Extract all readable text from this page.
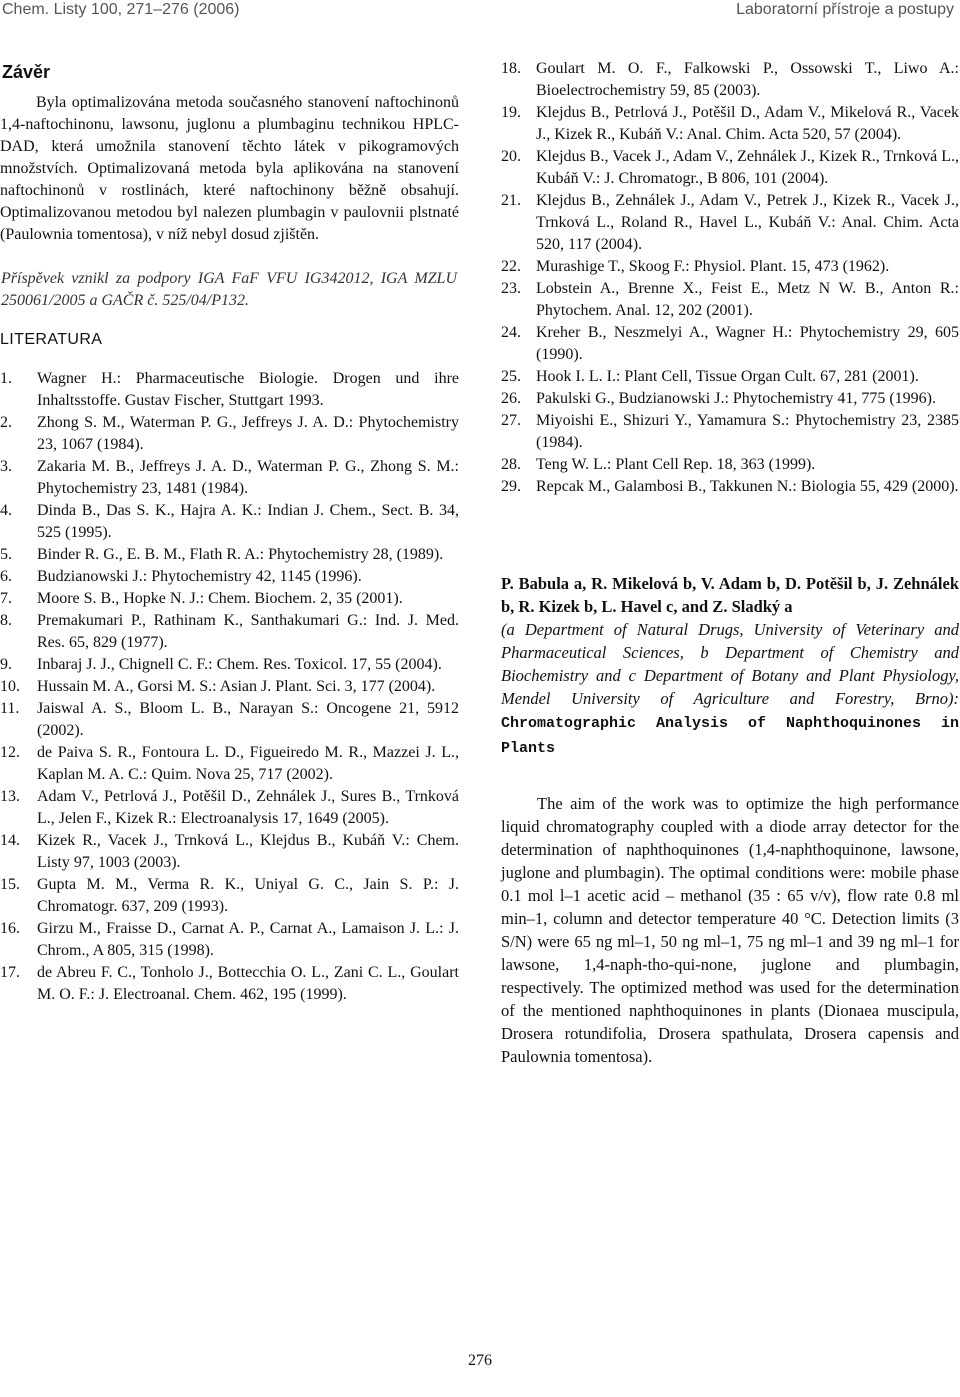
Chem. Listy 100, 271–276 (2006)	Laboratorní přístroje a postupy
Závěr

Byla optimalizována metoda současného stanovení naftochinonů 1,4-naftochinonu, lawsonu, juglonu a plumbaginu technikou HPLC-DAD, která umožnila stanovení těchto látek v pikogramových množstvích. Optimalizovaná metoda byla aplikována na stanovení naftochinonů v rostlinách, které naftochinony běžně obsahují. Optimalizovanou metodou byl nalezen plumbagin v paulovnii plstnaté (Paulownia tomentosa), v níž nebyl dosud zjištěn.

Příspěvek vznikl za podpory IGA FaF VFU IG342012, IGA MZLU 250061/2005 a GAČR č. 525/04/P132.

LITERATURA
1. Wagner H.: Pharmaceutische Biologie. Drogen und ihre Inhaltsstoffe. Gustav Fischer, Stuttgart 1993.
2. Zhong S. M., Waterman P. G., Jeffreys J. A. D.: Phytochemistry 23, 1067 (1984).
3. Zakaria M. B., Jeffreys J. A. D., Waterman P. G., Zhong S. M.: Phytochemistry 23, 1481 (1984).
4. Dinda B., Das S. K., Hajra A. K.: Indian J. Chem., Sect. B. 34, 525 (1995).
5. Binder R. G., E. B. M., Flath R. A.: Phytochemistry 28, (1989).
6. Budzianowski J.: Phytochemistry 42, 1145 (1996).
7. Moore S. B., Hopke N. J.: Chem. Biochem. 2, 35 (2001).
8. Premakumari P., Rathinam K., Santhakumari G.: Ind. J. Med. Res. 65, 829 (1977).
9. Inbaraj J. J., Chignell C. F.: Chem. Res. Toxicol. 17, 55 (2004).
10. Hussain M. A., Gorsi M. S.: Asian J. Plant. Sci. 3, 177 (2004).
11. Jaiswal A. S., Bloom L. B., Narayan S.: Oncogene 21, 5912 (2002).
12. de Paiva S. R., Fontoura L. D., Figueiredo M. R., Mazzei J. L., Kaplan M. A. C.: Quim. Nova 25, 717 (2002).
13. Adam V., Petrlová J., Potěšil D., Zehnálek J., Sures B., Trnková L., Jelen F., Kizek R.: Electroanalysis 17, 1649 (2005).
14. Kizek R., Vacek J., Trnková L., Klejdus B., Kubáň V.: Chem. Listy 97, 1003 (2003).
15. Gupta M. M., Verma R. K., Uniyal G. C., Jain S. P.: J. Chromatogr. 637, 209 (1993).
16. Girzu M., Fraisse D., Carnat A. P., Carnat A., Lamaison J. L.: J. Chrom., A 805, 315 (1998).
17. de Abreu F. C., Tonholo J., Bottecchia O. L., Zani C. L., Goulart M. O. F.: J. Electroanal. Chem. 462, 195 (1999).
18. Goulart M. O. F., Falkowski P., Ossowski T., Liwo A.: Bioelectrochemistry 59, 85 (2003).
19. Klejdus B., Petrlová J., Potěšil D., Adam V., Mikelová R., Vacek J., Kizek R., Kubáň V.: Anal. Chim. Acta 520, 57 (2004).
20. Klejdus B., Vacek J., Adam V., Zehnálek J., Kizek R., Trnková L., Kubáň V.: J. Chromatogr., B 806, 101 (2004).
21. Klejdus B., Zehnálek J., Adam V., Petrek J., Kizek R., Vacek J., Trnková L., Roland R., Havel L., Kubáň V.: Anal. Chim. Acta 520, 117 (2004).
22. Murashige T., Skoog F.: Physiol. Plant. 15, 473 (1962).
23. Lobstein A., Brenne X., Feist E., Metz N W. B., Anton R.: Phytochem. Anal. 12, 202 (2001).
24. Kreher B., Neszmelyi A., Wagner H.: Phytochemistry 29, 605 (1990).
25. Hook I. L. I.: Plant Cell, Tissue Organ Cult. 67, 281 (2001).
26. Pakulski G., Budzianowski J.: Phytochemistry 41, 775 (1996).
27. Miyoishi E., Shizuri Y., Yamamura S.: Phytochemistry 23, 2385 (1984).
28. Teng W. L.: Plant Cell Rep. 18, 363 (1999).
29. Repcak M., Galambosi B., Takkunen N.: Biologia 55, 429 (2000).
P. Babula a, R. Mikelová b, V. Adam b, D. Potěšil b, J. Zehnálek b, R. Kizek b, L. Havel c, and Z. Sladký a
(a Department of Natural Drugs, University of Veterinary and Pharmaceutical Sciences, b Department of Chemistry and Biochemistry and c Department of Botany and Plant Physiology, Mendel University of Agriculture and Forestry, Brno): Chromatographic Analysis of Naphthoquinones in Plants

The aim of the work was to optimize the high performance liquid chromatography coupled with a diode array detector for the determination of naphthoquinones (1,4-naphthoquinone, lawsone, juglone and plumbagin). The optimal conditions were: mobile phase 0.1 mol l–1 acetic acid – methanol (35 : 65 v/v), flow rate 0.8 ml min–1, column and detector temperature 40 °C. Detection limits (3 S/N) were 65 ng ml–1, 50 ng ml–1, 75 ng ml–1 and 39 ng ml–1 for lawsone, 1,4-naph-tho-qui-none, juglone and plumbagin, respectively. The optimized method was used for the determination of the mentioned naphthoquinones in plants (Dionaea muscipula, Drosera rotundifolia, Drosera spathulata, Drosera capensis and Paulownia tomentosa).

276
